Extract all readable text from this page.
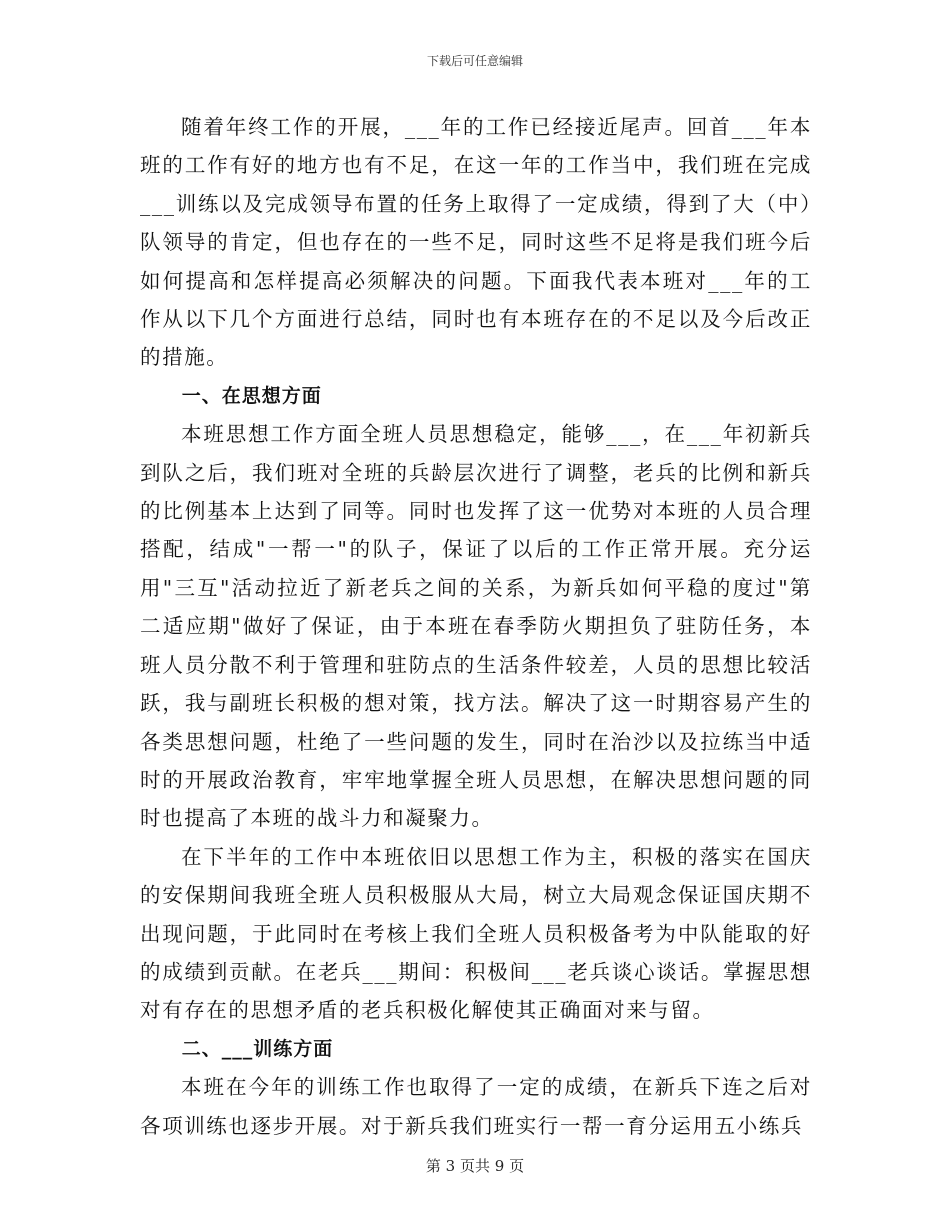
下载后可任意编辑

随着年终工作的开展，___年的工作已经接近尾声。回首___年本班的工作有好的地方也有不足，在这一年的工作当中，我们班在完成___训练以及完成领导布置的任务上取得了一定成绩，得到了大（中）队领导的肯定，但也存在的一些不足，同时这些不足将是我们班今后如何提高和怎样提高必须解决的问题。下面我代表本班对___年的工作从以下几个方面进行总结，同时也有本班存在的不足以及今后改正的措施。

一、在思想方面

本班思想工作方面全班人员思想稳定，能够___，在___年初新兵到队之后，我们班对全班的兵龄层次进行了调整，老兵的比例和新兵的比例基本上达到了同等。同时也发挥了这一优势对本班的人员合理搭配，结成"一帮一"的队子，保证了以后的工作正常开展。充分运用"三互"活动拉近了新老兵之间的关系，为新兵如何平稳的度过"第二适应期"做好了保证，由于本班在春季防火期担负了驻防任务，本班人员分散不利于管理和驻防点的生活条件较差，人员的思想比较活跃，我与副班长积极的想对策，找方法。解决了这一时期容易产生的各类思想问题，杜绝了一些问题的发生，同时在治沙以及拉练当中适时的开展政治教育，牢牢地掌握全班人员思想，在解决思想问题的同时也提高了本班的战斗力和凝聚力。

在下半年的工作中本班依旧以思想工作为主，积极的落实在国庆的安保期间我班全班人员积极服从大局，树立大局观念保证国庆期不出现问题，于此同时在考核上我们全班人员积极备考为中队能取的好的成绩到贡献。在老兵___期间：积极间___老兵谈心谈话。掌握思想对有存在的思想矛盾的老兵积极化解使其正确面对来与留。

二、___训练方面

本班在今年的训练工作也取得了一定的成绩，在新兵下连之后对各项训练也逐步开展。对于新兵我们班实行一帮一育分运用五小练兵

第 3 页共 9 页
